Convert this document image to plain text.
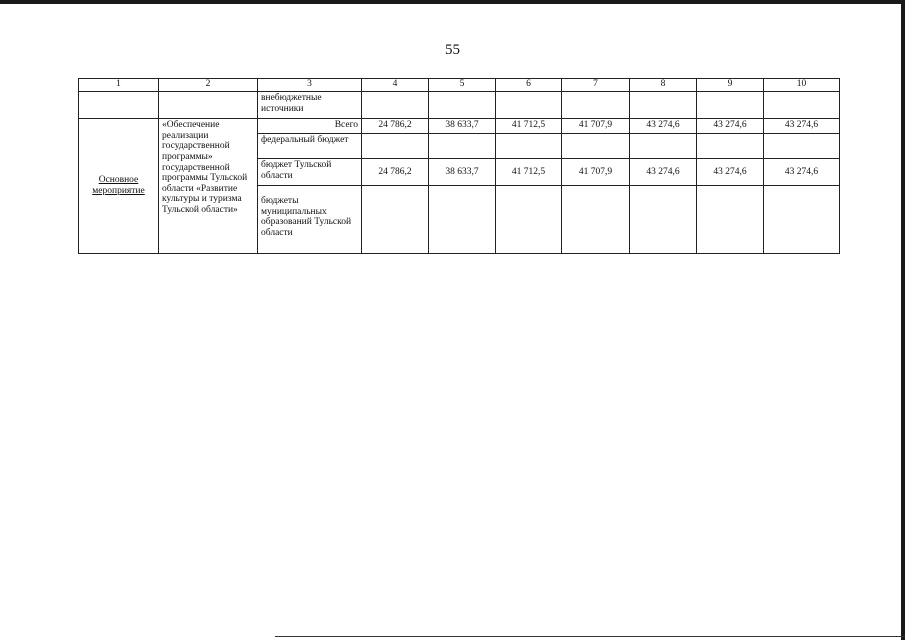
55
1	2	3	4	5	6	7	8	9	10
		внебюджетные источники							
Основное мероприятие	«Обеспечение реализации государственной программы» государственной программы Тульской области «Развитие культуры и туризма Тульской области»	Всего	24 786,2	38 633,7	41 712,5	41 707,9	43 274,6	43 274,6	43 274,6
		федеральный бюджет							
		бюджет Тульской области	24 786,2	38 633,7	41 712,5	41 707,9	43 274,6	43 274,6	43 274,6
		бюджеты муниципальных образований Тульской области							
